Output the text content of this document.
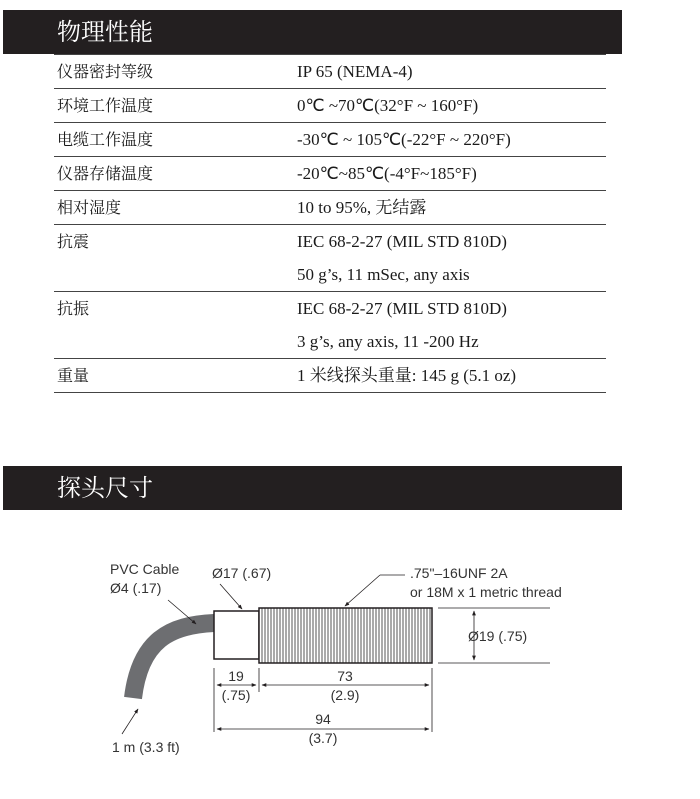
物理性能
仪器密封等级	IP 65 (NEMA-4)

环境工作温度	0℃ ~70℃(32°F ~ 160°F)

电缆工作温度	-30℃ ~ 105℃(-22°F ~ 220°F)

仪器存储温度	-20℃~85℃(-4°F~185°F)

相对湿度	10 to 95%, 无结露

抗震	IEC 68-2-27 (MIL STD 810D)
50 g’s, 11 mSec, any axis

抗振	IEC 68-2-27 (MIL STD 810D)
3 g’s, any axis, 11 -200 Hz

重量	1 米线探头重量: 145 g (5.1 oz)
探头尺寸
19
(.75)
73
(2.9)
94
(3.7)
Ø19 (.75)
PVC Cable
Ø4 (.17)
Ø17 (.67)	.75"–16UNF 2A
or 18M x 1 metric thread
1 m (3.3 ft)
